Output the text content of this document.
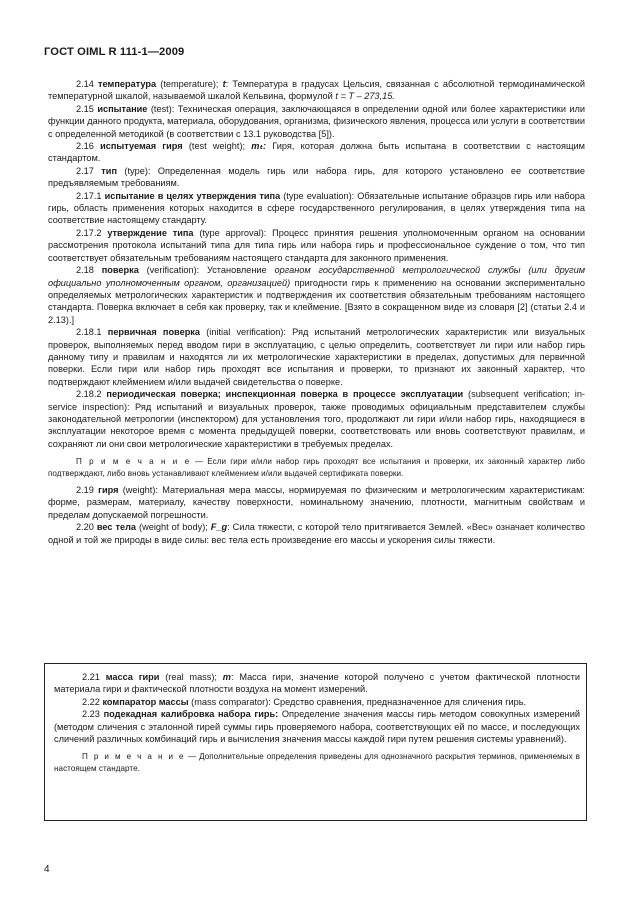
ГОСТ OIML R 111-1—2009

2.14 температура (temperature); t: Температура в градусах Цельсия, связанная с абсолютной термодинамической температурной шкалой, называемой шкалой Кельвина, формулой t = T – 273,15.

2.15 испытание (test): Техническая операция, заключающаяся в определении одной или более характеристики или функции данного продукта, материала, оборудования, организма, физического явления, процесса или услуги в соответствии с определенной методикой (в соответствии с 13.1 руководства [5]).

2.16 испытуемая гиря (test weight); mₜ: Гиря, которая должна быть испытана в соответствии с настоящим стандартом.

2.17 тип (type): Определенная модель гирь или набора гирь, для которого установлено ее соответствие предъявляемым требованиям.

2.17.1 испытание в целях утверждения типа (type evaluation): Обязательные испытание образцов гирь или набора гирь, область применения которых находится в сфере государственного регулирования, в целях утверждения типа на соответствие настоящему стандарту.

2.17.2 утверждение типа (type approval): Процесс принятия решения уполномоченным органом на основании рассмотрения протокола испытаний типа для типа гирь или набора гирь и профессиональное суждение о том, что тип соответствует обязательным требованиям настоящего стандарта для законного применения.

2.18 поверка (verification): Установление органом государственной метрологической службы (или другим официально уполномоченным органом, организацией) пригодности гирь к применению на основании экспериментально определяемых метрологических характеристик и подтверждения их соответствия обязательным требованиям настоящего стандарта. Поверка включает в себя как проверку, так и клеймение. [Взято в сокращенном виде из словаря [2] (статьи 2.4 и 2.13).]

2.18.1 первичная поверка (initial verification): Ряд испытаний метрологических характеристик или визуальных проверок, выполняемых перед вводом гири в эксплуатацию, с целью определить, соответствует ли гири или набор гирь данному типу и правилам и находятся ли их метрологические характеристики в пределах, допустимых для первичной поверки. Если гири или набор гирь проходят все испытания и проверки, то признают их законный характер, что подтверждают клеймением и/или выдачей свидетельства о поверке.

2.18.2 периодическая поверка; инспекционная поверка в процессе эксплуатации (subsequent verification; in-service inspection): Ряд испытаний и визуальных проверок, также проводимых официальным представителем службы законодательной метрологии (инспектором) для установления того, продолжают ли гири и/или набор гирь, находящиеся в эксплуатации некоторое время с момента предыдущей поверки, соответствовать или вновь соответствуют правилам, и сохраняют ли они свои метрологические характеристики в требуемых пределах.

П р и м е ч а н и е — Если гири и/или набор гирь проходят все испытания и проверки, их законный характер либо подтверждают, либо вновь устанавливают клеймением и/или выдачей сертификата поверки.

2.19 гиря (weight): Материальная мера массы, нормируемая по физическим и метрологическим характеристикам: форме, размерам, материалу, качеству поверхности, номинальному значению, плотности, магнитным свойствам и пределам допускаемой погрешности.

2.20 вес тела (weight of body); F_g: Сила тяжести, с которой тело притягивается Землей. «Вес» означает количество одной и той же природы в виде силы: вес тела есть произведение его массы и ускорения силы тяжести.

2.21 масса гири (real mass); m: Масса гири, значение которой получено с учетом фактической плотности материала гири и фактической плотности воздуха на момент измерений.

2.22 компаратор массы (mass comparator): Средство сравнения, предназначенное для сличения гирь.

2.23 подекадная калибровка набора гирь: Определение значения массы гирь методом совокупных измерений (методом сличения с эталонной гирей суммы гирь проверяемого набора, соответствующих ей по массе, и последующих сличений различных комбинаций гирь и вычисления значения массы каждой гири путем решения системы уравнений).

П р и м е ч а н и е — Дополнительные определения приведены для однозначного раскрытия терминов, применяемых в настоящем стандарте.

4
